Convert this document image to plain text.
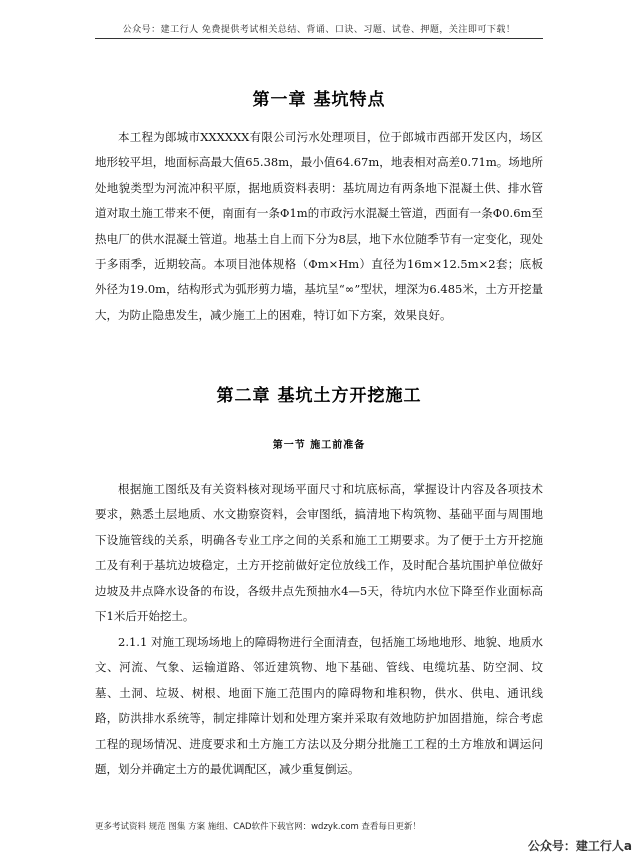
公众号：建工行人 免费提供考试相关总结、背诵、口诀、习题、试卷、押题，关注即可下载！
第一章 基坑特点

本工程为郎城市XXXXXX有限公司污水处理项目，位于郎城市西部开发区内，场区地形较平坦，地面标高最大值65.38m，最小值64.67m，地表相对高差0.71m。场地所处地貌类型为河流冲积平原，据地质资料表明：基坑周边有两条地下混凝土供、排水管道对取土施工带来不便，南面有一条Φ1m的市政污水混凝土管道，西面有一条Φ0.6m至热电厂的供水混凝土管道。地基土自上而下分为8层，地下水位随季节有一定变化，现处于多雨季，近期较高。本项目池体规格（Φm×Hm）直径为16m×12.5m×2套；底板外径为19.0m，结构形式为弧形剪力墙，基坑呈“∞”型状，埋深为6.485米，土方开挖量大，为防止隐患发生，减少施工上的困难，特订如下方案，效果良好。

第二章 基坑土方开挖施工
第一节 施工前准备

根据施工图纸及有关资料核对现场平面尺寸和坑底标高，掌握设计内容及各项技术要求，熟悉土层地质、水文勘察资料，会审图纸，搞清地下构筑物、基础平面与周围地下设施管线的关系，明确各专业工序之间的关系和施工工期要求。为了便于土方开挖施工及有利于基坑边坡稳定，土方开挖前做好定位放线工作，及时配合基坑围护单位做好边坡及井点降水设备的布设，各级井点先预抽水4—5天，待坑内水位下降至作业面标高下1米后开始挖土。

2.1.1 对施工现场场地上的障碍物进行全面清查，包括施工场地地形、地貌、地质水文、河流、气象、运输道路、邻近建筑物、地下基础、管线、电缆坑基、防空洞、坟墓、土洞、垃圾、树根、地面下施工范围内的障碍物和堆积物，供水、供电、通讯线路，防洪排水系统等，制定排障计划和处理方案并采取有效地防护加固措施，综合考虑工程的现场情况、进度要求和土方施工方法以及分期分批施工工程的土方堆放和调运问题，划分并确定土方的最优调配区，减少重复倒运。

更多考试资料 规范 图集 方案 施组、CAD软件下载官网：wdzyk.com 查看每日更新！
公众号：建工行人a
